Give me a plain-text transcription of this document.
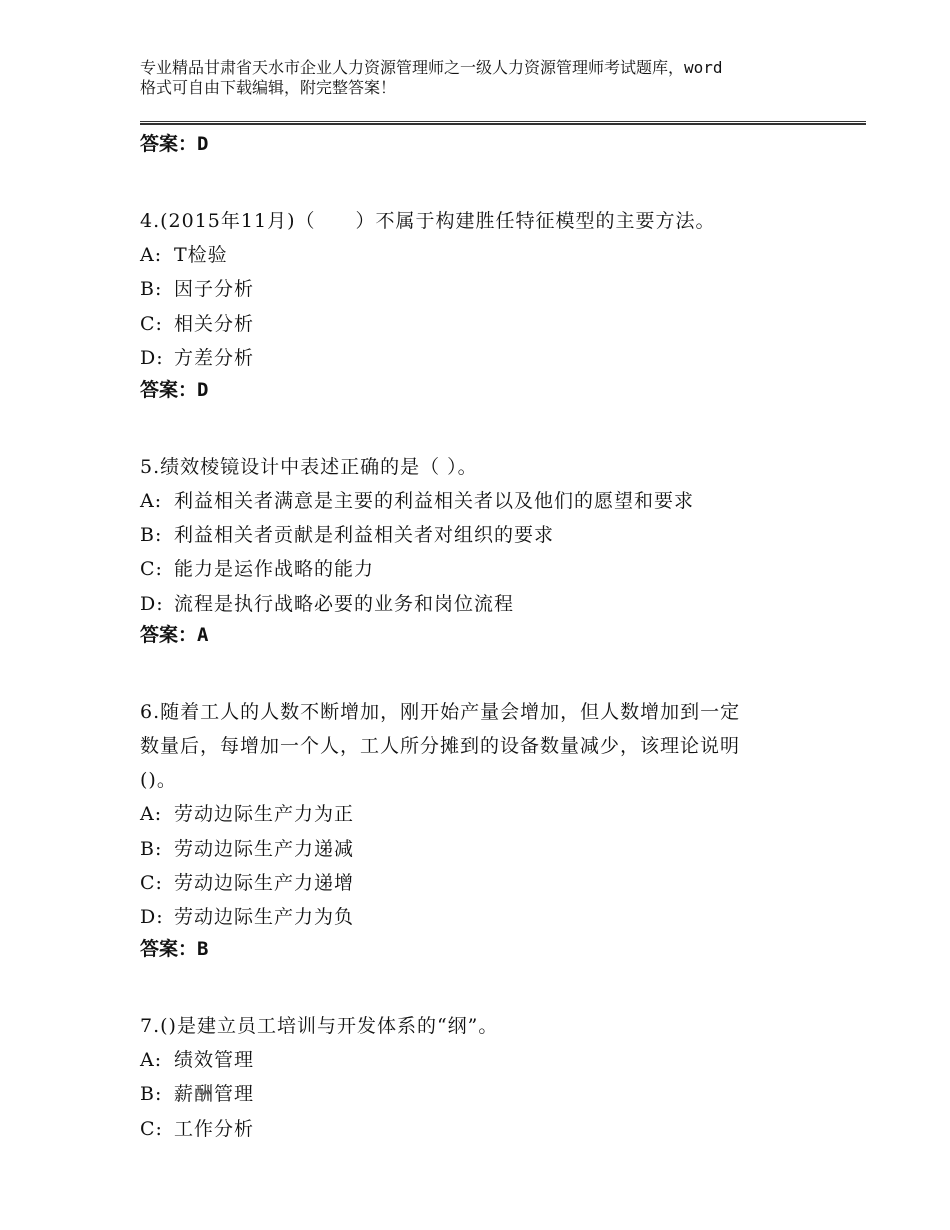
专业精品甘肃省天水市企业人力资源管理师之一级人力资源管理师考试题库，word
格式可自由下载编辑，附完整答案！
答案：D
4.(2015年11月)（　　）不属于构建胜任特征模型的主要方法。
A: T检验
B: 因子分析
C: 相关分析
D: 方差分析
答案：D
5.绩效棱镜设计中表述正确的是（ ）。
A: 利益相关者满意是主要的利益相关者以及他们的愿望和要求
B: 利益相关者贡献是利益相关者对组织的要求
C: 能力是运作战略的能力
D: 流程是执行战略必要的业务和岗位流程
答案：A
6.随着工人的人数不断增加，刚开始产量会增加，但人数增加到一定
数量后，每增加一个人，工人所分摊到的设备数量减少，该理论说明
()。
A: 劳动边际生产力为正
B: 劳动边际生产力递减
C: 劳动边际生产力递增
D: 劳动边际生产力为负
答案：B
7.()是建立员工培训与开发体系的“纲”。
A: 绩效管理
B: 薪酬管理
C: 工作分析
